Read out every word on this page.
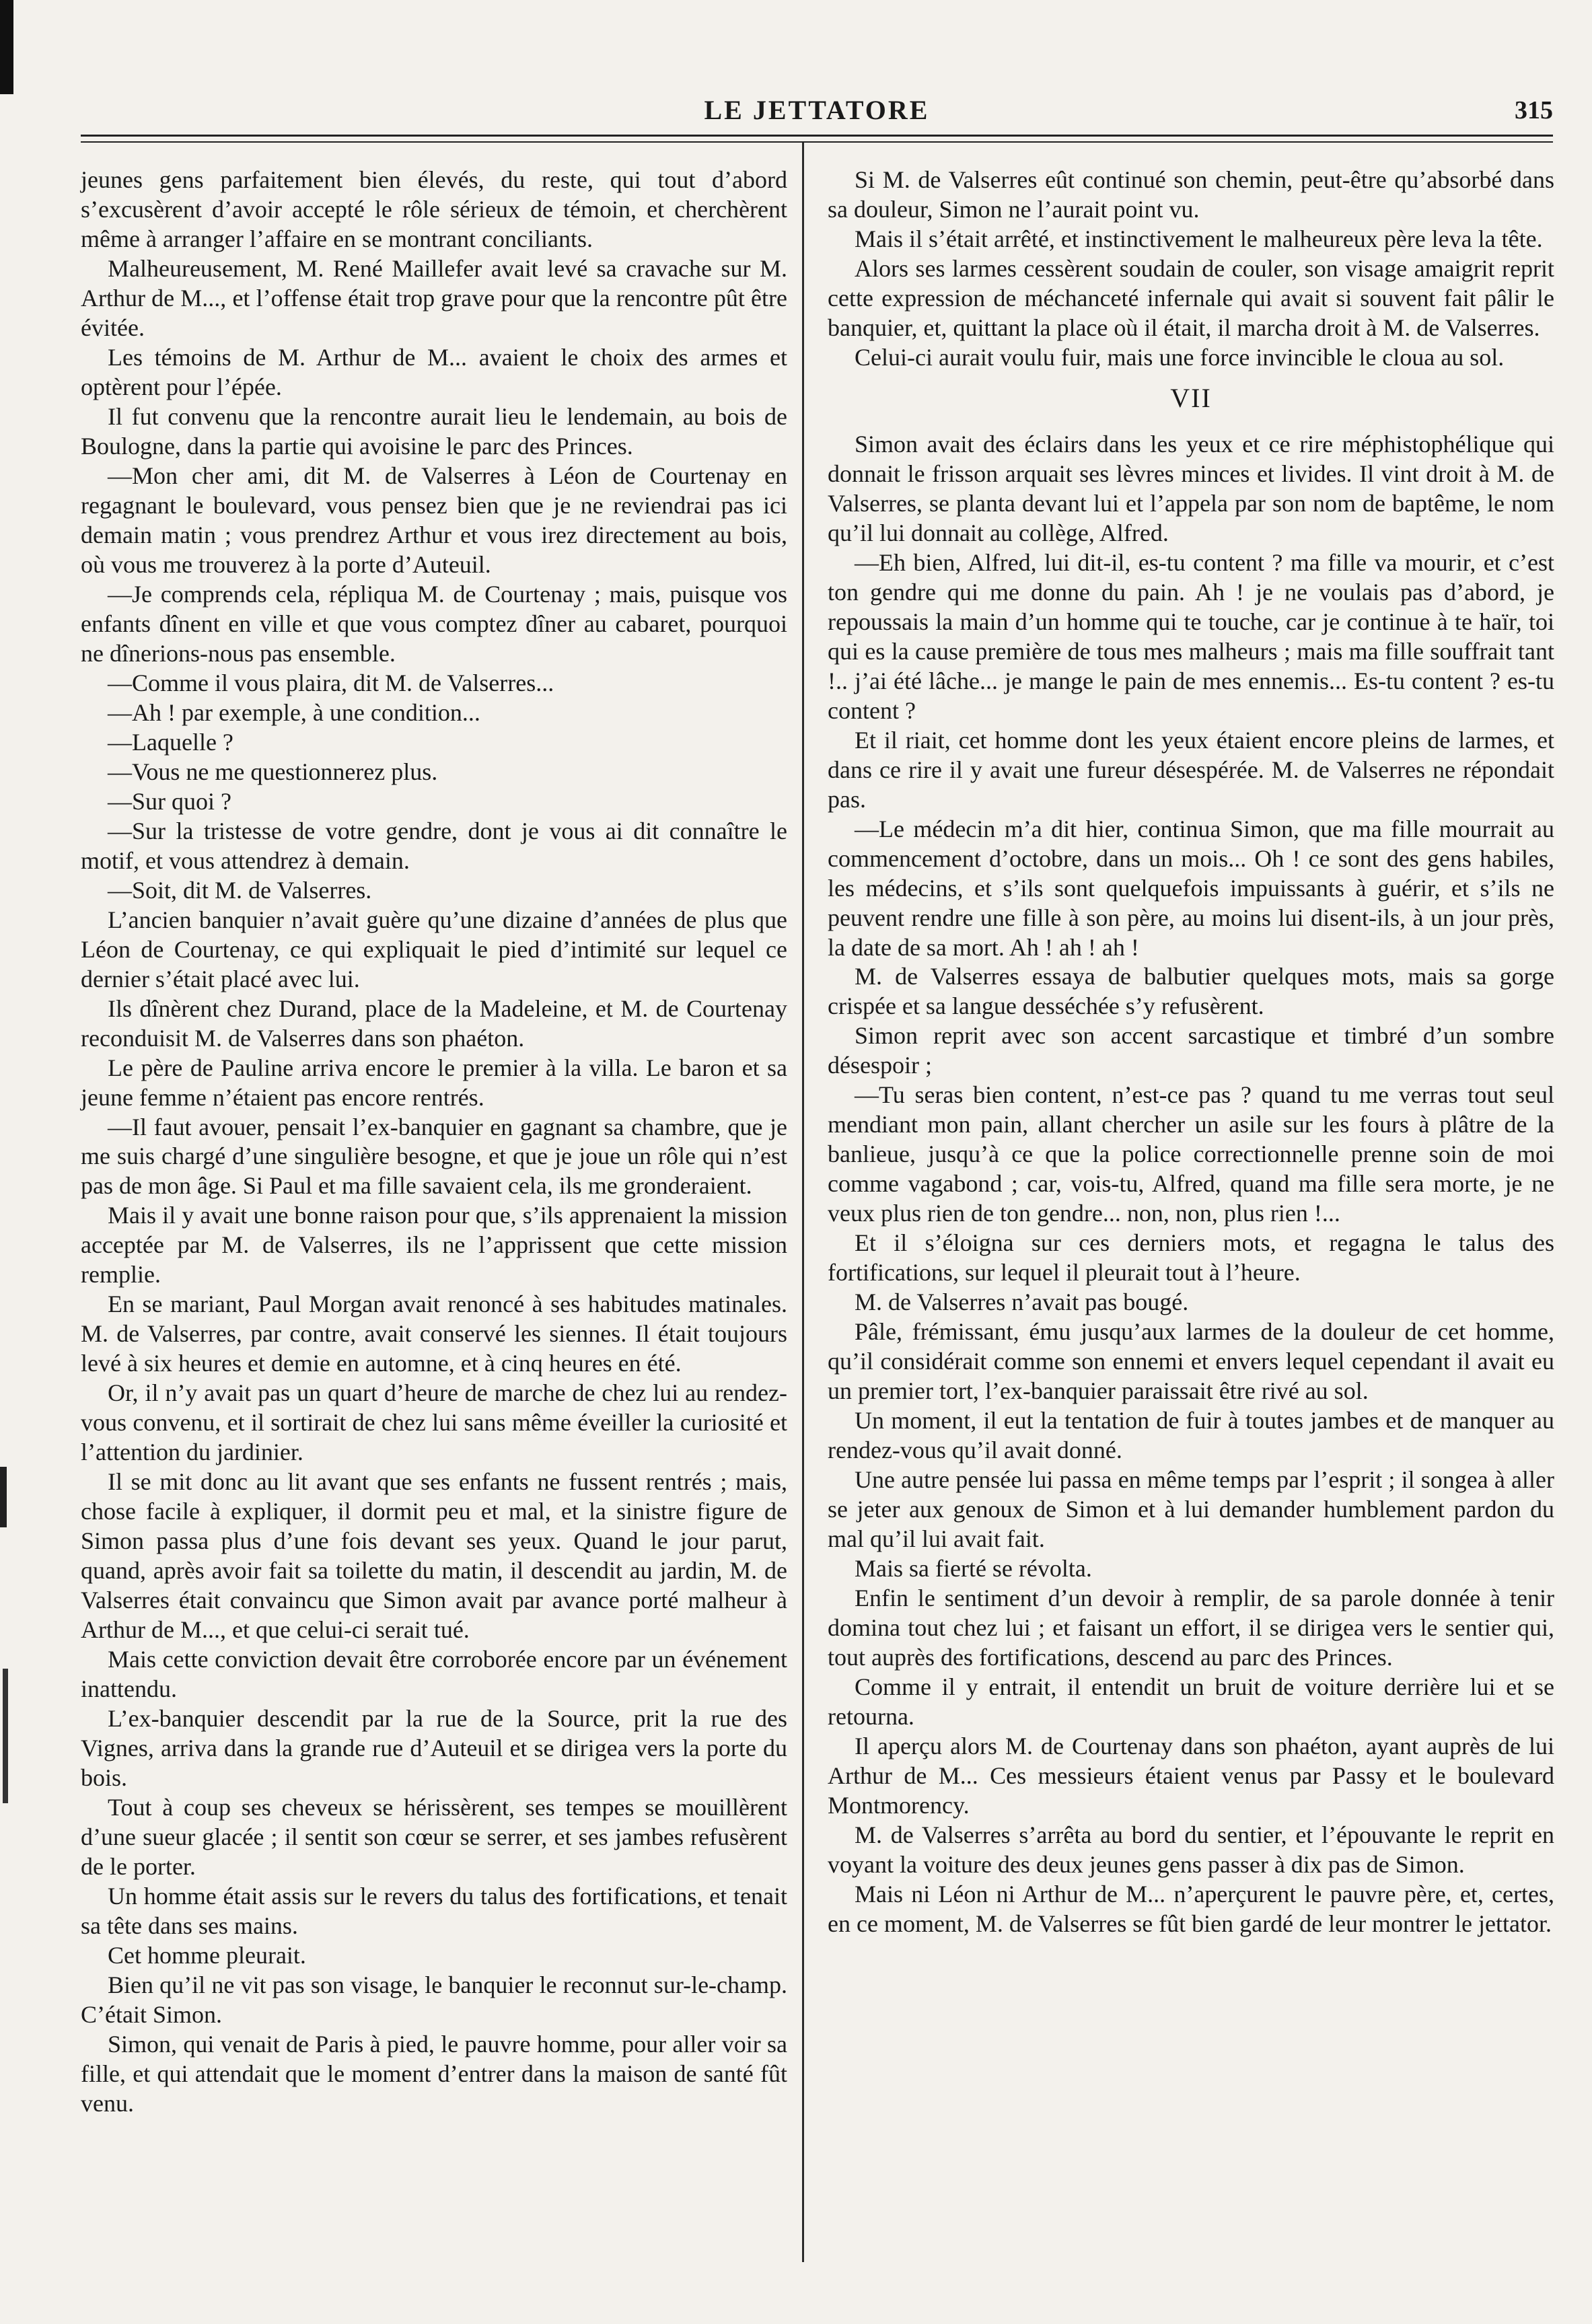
LE JETTATORE	315

jeunes gens parfaitement bien élevés, du reste, qui tout d’abord s’excusèrent d’avoir accepté le rôle sérieux de témoin, et cherchèrent même à arranger l’affaire en se montrant conciliants.

Malheureusement, M. René Maillefer avait levé sa cravache sur M. Arthur de M..., et l’offense était trop grave pour que la rencontre pût être évitée.

Les témoins de M. Arthur de M... avaient le choix des armes et optèrent pour l’épée.

Il fut convenu que la rencontre aurait lieu le lendemain, au bois de Boulogne, dans la partie qui avoisine le parc des Princes.

—Mon cher ami, dit M. de Valserres à Léon de Courtenay en regagnant le boulevard, vous pensez bien que je ne reviendrai pas ici demain matin ; vous prendrez Arthur et vous irez directement au bois, où vous me trouverez à la porte d’Auteuil.

—Je comprends cela, répliqua M. de Courtenay ; mais, puisque vos enfants dînent en ville et que vous comptez dîner au cabaret, pourquoi ne dînerions-nous pas ensemble.

—Comme il vous plaira, dit M. de Valserres...

—Ah ! par exemple, à une condition...

—Laquelle ?

—Vous ne me questionnerez plus.

—Sur quoi ?

—Sur la tristesse de votre gendre, dont je vous ai dit connaître le motif, et vous attendrez à demain.

—Soit, dit M. de Valserres.

L’ancien banquier n’avait guère qu’une dizaine d’années de plus que Léon de Courtenay, ce qui expliquait le pied d’intimité sur lequel ce dernier s’était placé avec lui.

Ils dînèrent chez Durand, place de la Madeleine, et M. de Courtenay reconduisit M. de Valserres dans son phaéton.

Le père de Pauline arriva encore le premier à la villa. Le baron et sa jeune femme n’étaient pas encore rentrés.

—Il faut avouer, pensait l’ex-banquier en gagnant sa chambre, que je me suis chargé d’une singulière besogne, et que je joue un rôle qui n’est pas de mon âge. Si Paul et ma fille savaient cela, ils me gronderaient.

Mais il y avait une bonne raison pour que, s’ils apprenaient la mission acceptée par M. de Valserres, ils ne l’apprissent que cette mission remplie.

En se mariant, Paul Morgan avait renoncé à ses habitudes matinales. M. de Valserres, par contre, avait conservé les siennes. Il était toujours levé à six heures et demie en automne, et à cinq heures en été.

Or, il n’y avait pas un quart d’heure de marche de chez lui au rendez-vous convenu, et il sortirait de chez lui sans même éveiller la curiosité et l’attention du jardinier.

Il se mit donc au lit avant que ses enfants ne fussent rentrés ; mais, chose facile à expliquer, il dormit peu et mal, et la sinistre figure de Simon passa plus d’une fois devant ses yeux. Quand le jour parut, quand, après avoir fait sa toilette du matin, il descendit au jardin, M. de Valserres était convaincu que Simon avait par avance porté malheur à Arthur de M..., et que celui-ci serait tué.

Mais cette conviction devait être corroborée encore par un événement inattendu.

L’ex-banquier descendit par la rue de la Source, prit la rue des Vignes, arriva dans la grande rue d’Auteuil et se dirigea vers la porte du bois.

Tout à coup ses cheveux se hérissèrent, ses tempes se mouillèrent d’une sueur glacée ; il sentit son cœur se serrer, et ses jambes refusèrent de le porter.

Un homme était assis sur le revers du talus des fortifications, et tenait sa tête dans ses mains.

Cet homme pleurait.

Bien qu’il ne vit pas son visage, le banquier le reconnut sur-le-champ. C’était Simon.

Simon, qui venait de Paris à pied, le pauvre homme, pour aller voir sa fille, et qui attendait que le moment d’entrer dans la maison de santé fût venu.

Si M. de Valserres eût continué son chemin, peut-être qu’absorbé dans sa douleur, Simon ne l’aurait point vu.

Mais il s’était arrêté, et instinctivement le malheureux père leva la tête.

Alors ses larmes cessèrent soudain de couler, son visage amaigrit reprit cette expression de méchanceté infernale qui avait si souvent fait pâlir le banquier, et, quittant la place où il était, il marcha droit à M. de Valserres.

Celui-ci aurait voulu fuir, mais une force invincible le cloua au sol.

VII

Simon avait des éclairs dans les yeux et ce rire méphistophélique qui donnait le frisson arquait ses lèvres minces et livides. Il vint droit à M. de Valserres, se planta devant lui et l’appela par son nom de baptême, le nom qu’il lui donnait au collège, Alfred.

—Eh bien, Alfred, lui dit-il, es-tu content ? ma fille va mourir, et c’est ton gendre qui me donne du pain. Ah ! je ne voulais pas d’abord, je repoussais la main d’un homme qui te touche, car je continue à te haïr, toi qui es la cause première de tous mes malheurs ; mais ma fille souffrait tant !.. j’ai été lâche... je mange le pain de mes ennemis... Es-tu content ? es-tu content ?

Et il riait, cet homme dont les yeux étaient encore pleins de larmes, et dans ce rire il y avait une fureur désespérée. M. de Valserres ne répondait pas.

—Le médecin m’a dit hier, continua Simon, que ma fille mourrait au commencement d’octobre, dans un mois... Oh ! ce sont des gens habiles, les médecins, et s’ils sont quelquefois impuissants à guérir, et s’ils ne peuvent rendre une fille à son père, au moins lui disent-ils, à un jour près, la date de sa mort. Ah ! ah ! ah !

M. de Valserres essaya de balbutier quelques mots, mais sa gorge crispée et sa langue desséchée s’y refusèrent.

Simon reprit avec son accent sarcastique et timbré d’un sombre désespoir ;

—Tu seras bien content, n’est-ce pas ? quand tu me verras tout seul mendiant mon pain, allant chercher un asile sur les fours à plâtre de la banlieue, jusqu’à ce que la police correctionnelle prenne soin de moi comme vagabond ; car, vois-tu, Alfred, quand ma fille sera morte, je ne veux plus rien de ton gendre... non, non, plus rien !...

Et il s’éloigna sur ces derniers mots, et regagna le talus des fortifications, sur lequel il pleurait tout à l’heure.

M. de Valserres n’avait pas bougé.

Pâle, frémissant, ému jusqu’aux larmes de la douleur de cet homme, qu’il considérait comme son ennemi et envers lequel cependant il avait eu un premier tort, l’ex-banquier paraissait être rivé au sol.

Un moment, il eut la tentation de fuir à toutes jambes et de manquer au rendez-vous qu’il avait donné.

Une autre pensée lui passa en même temps par l’esprit ; il songea à aller se jeter aux genoux de Simon et à lui demander humblement pardon du mal qu’il lui avait fait.

Mais sa fierté se révolta.

Enfin le sentiment d’un devoir à remplir, de sa parole donnée à tenir domina tout chez lui ; et faisant un effort, il se dirigea vers le sentier qui, tout auprès des fortifications, descend au parc des Princes.

Comme il y entrait, il entendit un bruit de voiture derrière lui et se retourna.

Il aperçu alors M. de Courtenay dans son phaéton, ayant auprès de lui Arthur de M... Ces messieurs étaient venus par Passy et le boulevard Montmorency.

M. de Valserres s’arrêta au bord du sentier, et l’épouvante le reprit en voyant la voiture des deux jeunes gens passer à dix pas de Simon.

Mais ni Léon ni Arthur de M... n’aperçurent le pauvre père, et, certes, en ce moment, M. de Valserres se fût bien gardé de leur montrer le jettator.
